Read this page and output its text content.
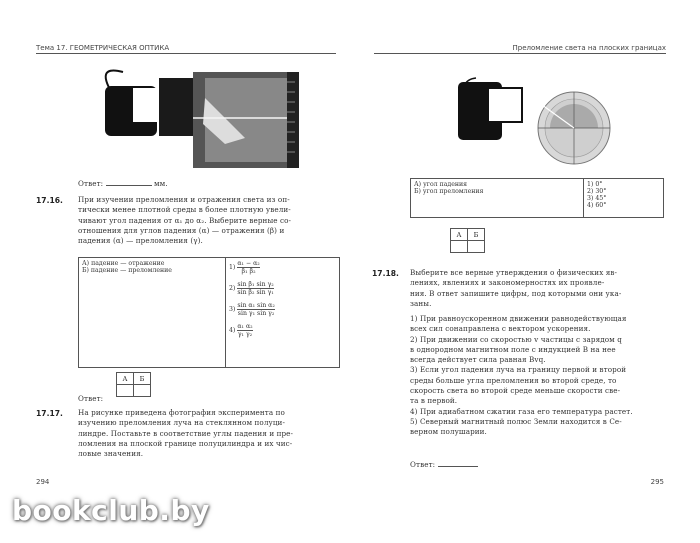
Тема 17. ГЕОМЕТРИЧЕСКАЯ ОПТИКА	Преломление света на плоских границах
Ответ:	мм.
17.16. При изучении преломления и отражения света из оп-
тически менее плотной среды в более плотную увели-
чивают угол падения от α₁ до α₂. Выберите верные со-
отношения для углов падения (α) — отражения (β) и
падения (α) — преломления (γ).
А) падение — отражение
Б) падение — преломление	$1) \frac{\text{α₁ − α₂}}{\text{β₁ β₂}}$
$2) \frac{\text{sin β₁ sin γ₂}}{\text{sin β₂ sin γ₁}}$
$3) \frac{\text{sin α₁ sin α₂}}{\text{sin γ₁ sin γ₂}}$
$4) \frac{\text{α₁ α₂}}{\text{γ₁ γ₂}}$
А	Б

Ответ:
17.17. На рисунке приведена фотография эксперимента по
изучению преломления луча на стеклянном полуци-
линдре. Поставьте в соответствие углы падения и пре-
ломления на плоской границе полуцилиндра и их чис-
ловые значения.
294
А) угол падения
Б) угол преломления

1) 0°
2) 30°
3) 45°
4) 60°
А	Б

17.18. Выберите все верные утверждения о физических яв-
лениях, явлениях и закономерностях их проявле-
ния. В ответ запишите цифры, под которыми они ука-
заны.
1) При равноускоренном движении равнодействующая
всех сил сонаправлена с вектором ускорения.
2) При движении со скоростью v частицы с зарядом q
в однородном магнитном поле с индукцией B на нее
всегда действует сила равная Bvq.
3) Если угол падения луча на границу первой и второй
среды больше угла преломления во второй среде, то
скорость света во второй среде меньше скорости све-
та в первой.
4) При адиабатном сжатии газа его температура растет.
5) Северный магнитный полюс Земли находится в Се-
верном полушарии.
Ответ:
295
bookclub.by
